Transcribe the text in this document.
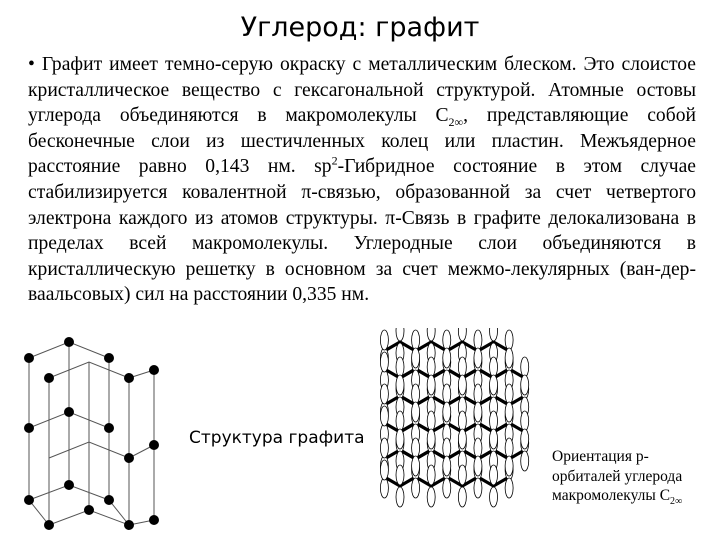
Углерод: графит

• Графит имеет темно-серую окраску с металлическим блеском. Это слоистое кристаллическое вещество с гексагональной структурой. Атомные остовы углерода объединяются в макромолекулы $С_{2\infty}$, представляющие собой бесконечные слои из шестичленных колец или пластин. Межъядерное расстояние равно 0,143 нм. $sp^2$-Гибридное состояние в этом случае стабилизируется ковалентной π-связью, образованной за счет четвертого электрона каждого из атомов структуры. π-Связь в графите делокализована в пределах всей макромолекулы. Углеродные слои объединяются в кристаллическую решетку в основном за счет межмо-лекулярных (ван-дер-ваальсовых) сил на расстоянии 0,335 нм.

Структура графита
Ориентация р-орбиталей углерода макромолекулы $С_{2\infty}$
